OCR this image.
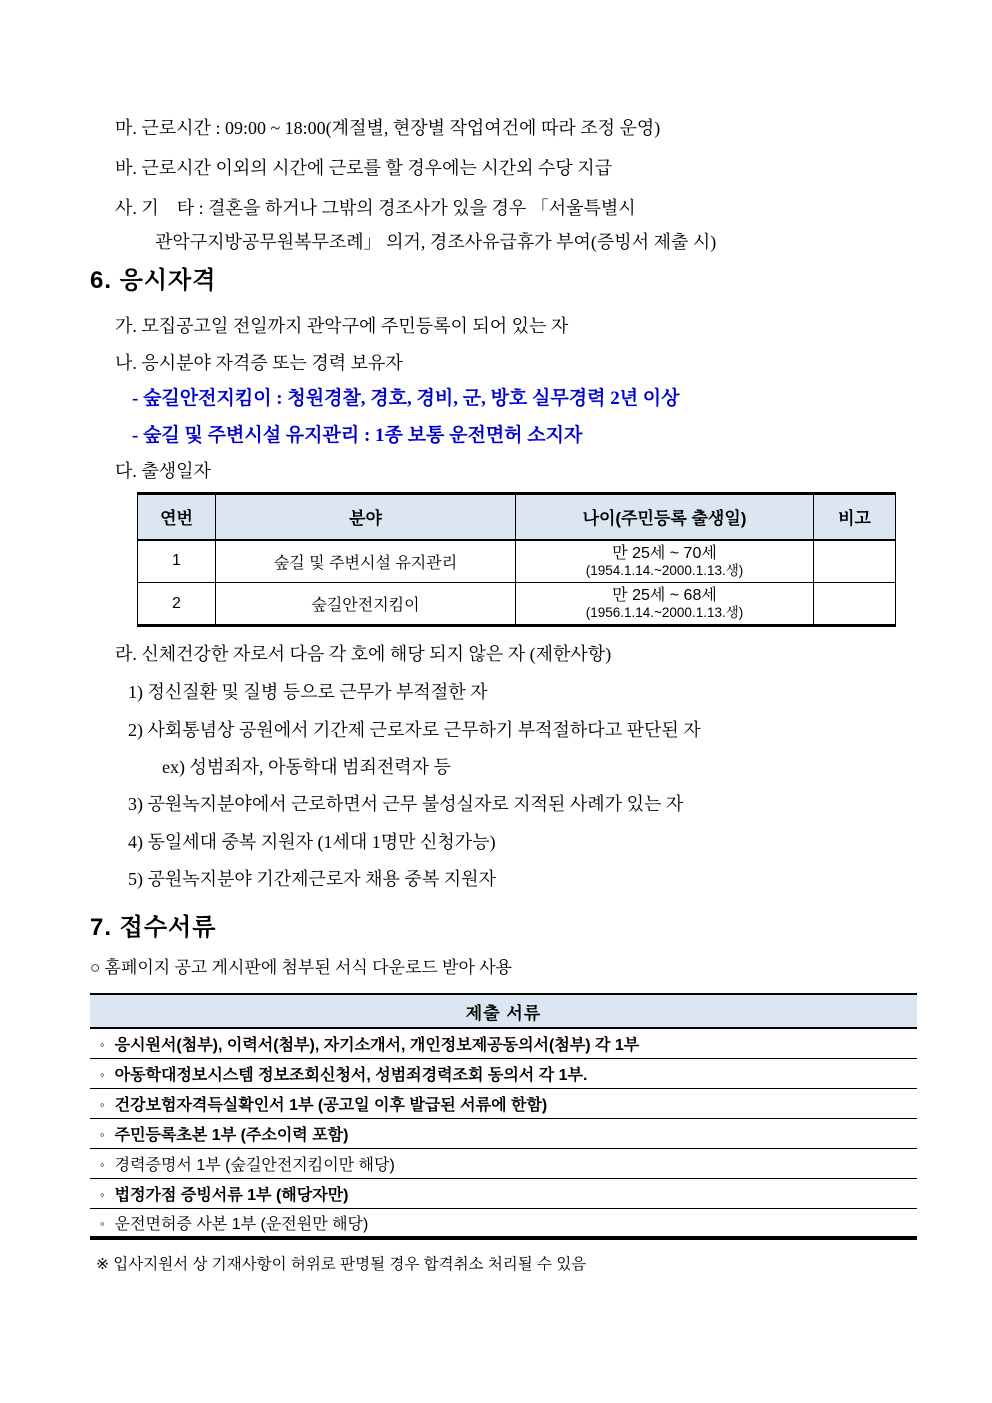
마. 근로시간 : 09:00 ~ 18:00(계절별, 현장별 작업여건에 따라 조정 운영)
바. 근로시간 이외의 시간에 근로를 할 경우에는 시간외 수당 지급
사. 기    타 : 결혼을 하거나 그밖의 경조사가 있을 경우 「서울특별시
관악구지방공무원복무조례」 의거, 경조사유급휴가 부여(증빙서 제출 시)
6. 응시자격
가. 모집공고일 전일까지 관악구에 주민등록이 되어 있는 자
나. 응시분야 자격증 또는 경력 보유자
- 숲길안전지킴이 : 청원경찰, 경호, 경비, 군, 방호 실무경력 2년 이상
- 숲길 및 주변시설 유지관리 : 1종 보통 운전면허 소지자
다. 출생일자
연번	분야	나이(주민등록 출생일)	비고
1	숲길 및 주변시설 유지관리	만 25세 ~ 70세
(1954.1.14.~2000.1.13.생)	

2	숲길안전지킴이	만 25세 ~ 68세
(1956.1.14.~2000.1.13.생)	

라. 신체건강한 자로서 다음 각 호에 해당 되지 않은 자 (제한사항)
1) 정신질환 및 질병 등으로 근무가 부적절한 자
2) 사회통념상 공원에서 기간제 근로자로 근무하기 부적절하다고 판단된 자
ex) 성범죄자, 아동학대 범죄전력자 등
3) 공원녹지분야에서 근로하면서 근무 불성실자로 지적된 사례가 있는 자
4) 동일세대 중복 지원자 (1세대 1명만 신청가능)
5) 공원녹지분야 기간제근로자 채용 중복 지원자
7. 접수서류
○ 홈페이지 공고 게시판에 첨부된 서식 다운로드 받아 사용
제출 서류
◦ 응시원서(첨부), 이력서(첨부), 자기소개서, 개인정보제공동의서(첨부) 각 1부
◦ 아동학대정보시스템 정보조회신청서, 성범죄경력조회 동의서 각 1부.
◦ 건강보험자격득실확인서 1부 (공고일 이후 발급된 서류에 한함)
◦ 주민등록초본 1부 (주소이력 포함)
◦ 경력증명서 1부 (숲길안전지킴이만 해당)
◦ 법정가점 증빙서류 1부 (해당자만)
◦ 운전면허증 사본 1부 (운전원만 해당)
※ 입사지원서 상 기재사항이 허위로 판명될 경우 합격취소 처리될 수 있음
